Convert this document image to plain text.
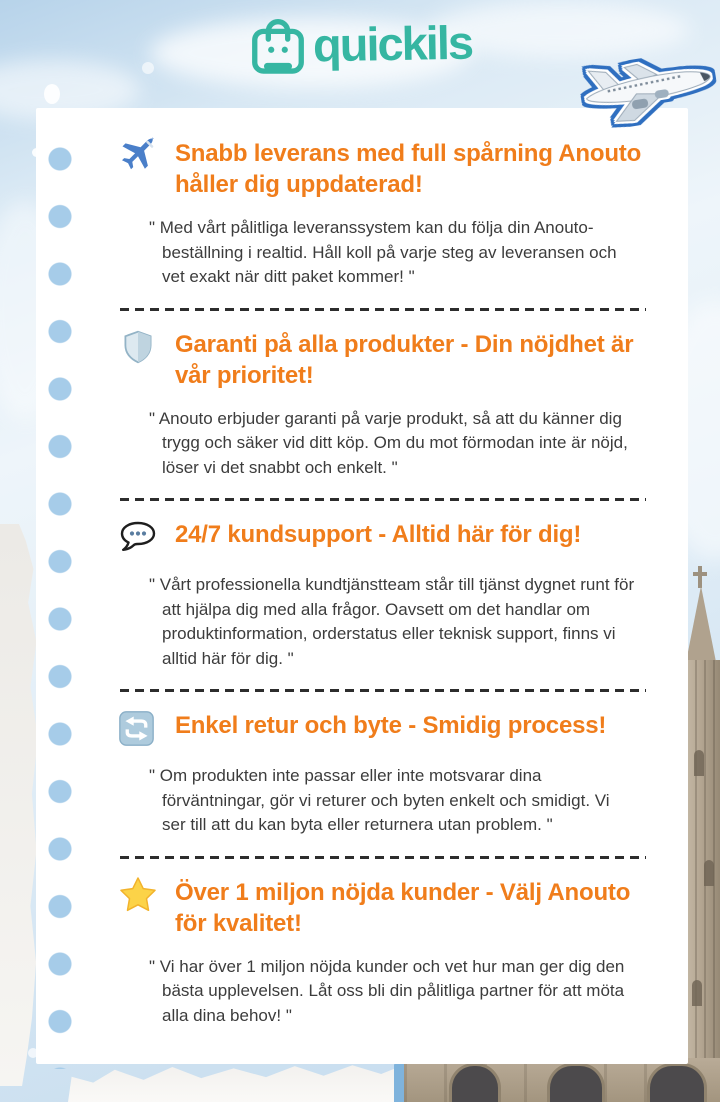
quickils
Snabb leverans med full spårning Anouto håller dig uppdaterad!

" Med vårt pålitliga leveranssystem kan du följa din Anouto-beställning i realtid. Håll koll på varje steg av leveransen och vet exakt när ditt paket kommer! "

Garanti på alla produkter - Din nöjdhet är vår prioritet!

" Anouto erbjuder garanti på varje produkt, så att du känner dig trygg och säker vid ditt köp. Om du mot förmodan inte är nöjd, löser vi det snabbt och enkelt. "

24/7 kundsupport - Alltid här för dig!

" Vårt professionella kundtjänstteam står till tjänst dygnet runt för att hjälpa dig med alla frågor. Oavsett om det handlar om produktinformation, orderstatus eller teknisk support, finns vi alltid här för dig. "

Enkel retur och byte - Smidig process!

" Om produkten inte passar eller inte motsvarar dina förväntningar, gör vi returer och byten enkelt och smidigt. Vi ser till att du kan byta eller returnera utan problem. "

Över 1 miljon nöjda kunder - Välj Anouto för kvalitet!

" Vi har över 1 miljon nöjda kunder och vet hur man ger dig den bästa upplevelsen. Låt oss bli din pålitliga partner för att möta alla dina behov! "
